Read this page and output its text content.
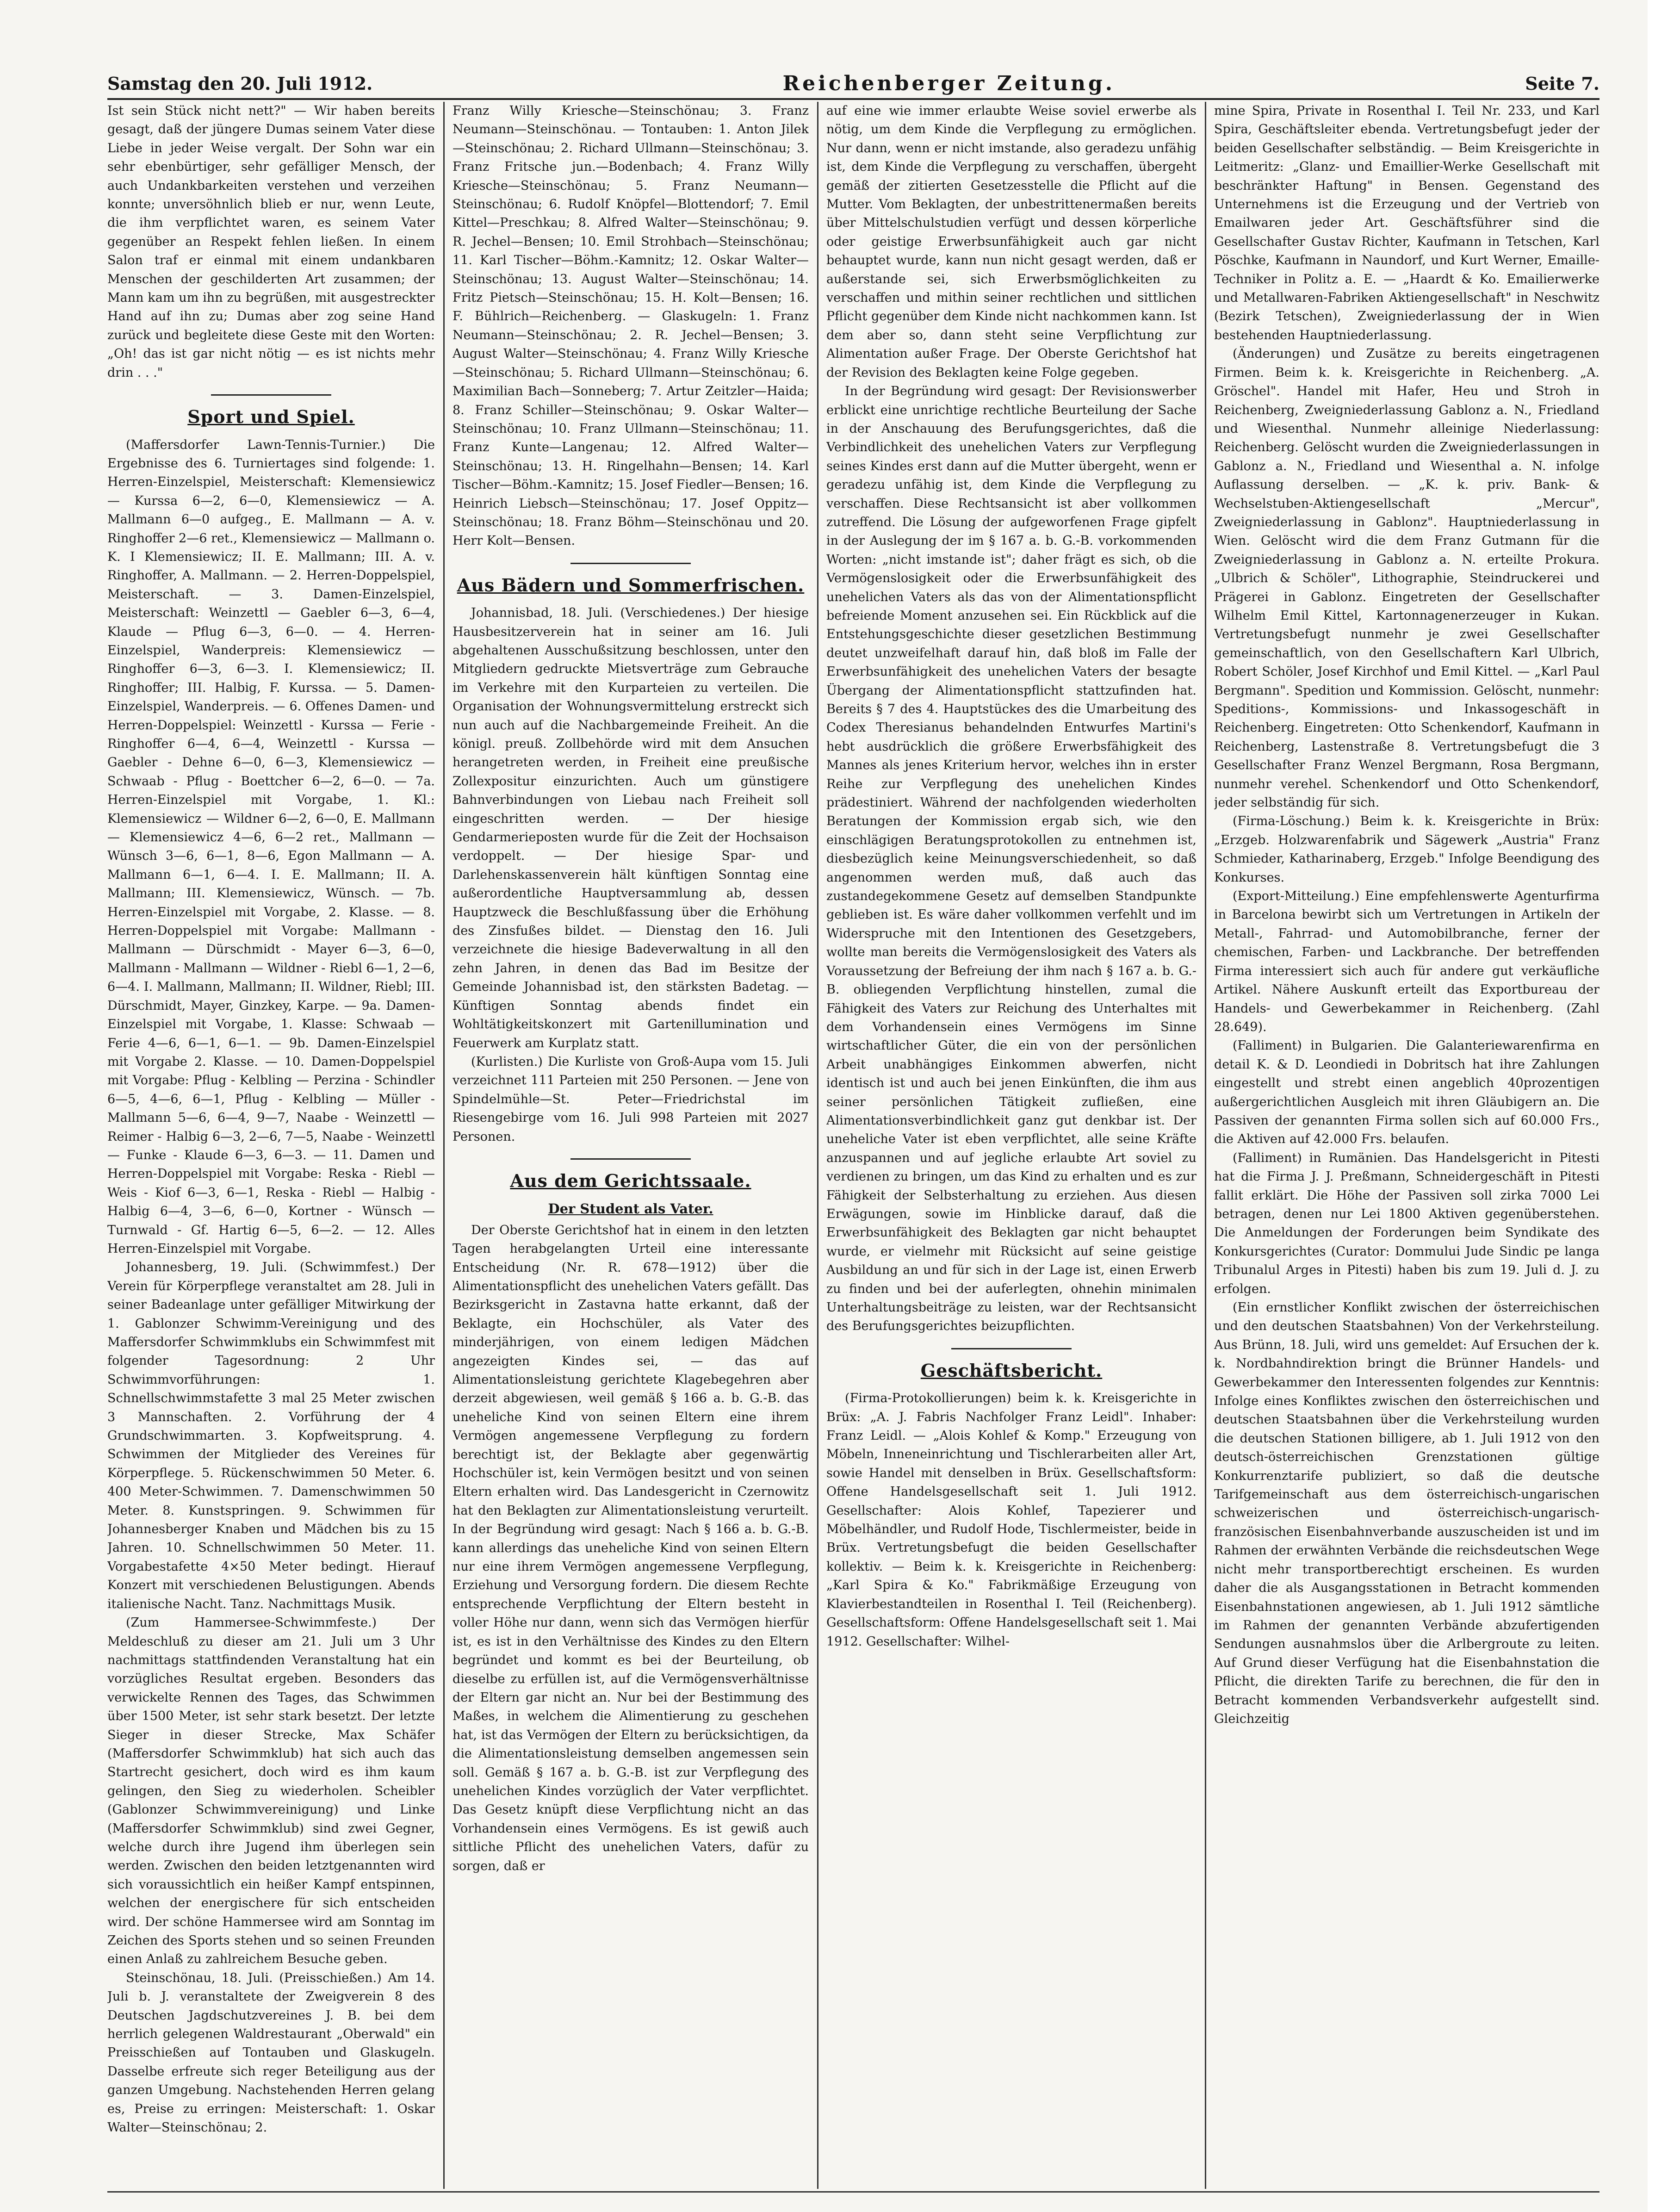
Samstag den 20. Juli 1912.	Reichenberger Zeitung.	Seite 7.

Ist sein Stück nicht nett?" — Wir haben bereits gesagt, daß der jüngere Dumas seinem Vater diese Liebe in jeder Weise vergalt. Der Sohn war ein sehr ebenbürtiger, sehr gefälliger Mensch, der auch Undankbarkeiten verstehen und verzeihen konnte; unversöhnlich blieb er nur, wenn Leute, die ihm verpflichtet waren, es seinem Vater gegenüber an Respekt fehlen ließen. In einem Salon traf er einmal mit einem undankbaren Menschen der geschilderten Art zusammen; der Mann kam um ihn zu begrüßen, mit ausgestreckter Hand auf ihn zu; Dumas aber zog seine Hand zurück und begleitete diese Geste mit den Worten: „Oh! das ist gar nicht nötig — es ist nichts mehr drin . . ."

Sport und Spiel.

(Maffersdorfer Lawn-Tennis-Turnier.) Die Ergebnisse des 6. Turniertages sind folgende: 1. Herren-Einzelspiel, Meisterschaft: Klemensiewicz — Kurssa 6—2, 6—0, Klemensiewicz — A. Mallmann 6—0 aufgeg., E. Mallmann — A. v. Ringhoffer 2—6 ret., Klemensiewicz — Mallmann o. K. I Klemensiewicz; II. E. Mallmann; III. A. v. Ringhoffer, A. Mallmann. — 2. Herren-Doppelspiel, Meisterschaft. — 3. Damen-Einzelspiel, Meisterschaft: Weinzettl — Gaebler 6—3, 6—4, Klaude — Pflug 6—3, 6—0. — 4. Herren-Einzelspiel, Wanderpreis: Klemensiewicz — Ringhoffer 6—3, 6—3. I. Klemensiewicz; II. Ringhoffer; III. Halbig, F. Kurssa. — 5. Damen-Einzelspiel, Wanderpreis. — 6. Offenes Damen- und Herren-Doppelspiel: Weinzettl - Kurssa — Ferie - Ringhoffer 6—4, 6—4, Weinzettl - Kurssa — Gaebler - Dehne 6—0, 6—3, Klemensiewicz — Schwaab - Pflug - Boettcher 6—2, 6—0. — 7a. Herren-Einzelspiel mit Vorgabe, 1. Kl.: Klemensiewicz — Wildner 6—2, 6—0, E. Mallmann — Klemensiewicz 4—6, 6—2 ret., Mallmann — Wünsch 3—6, 6—1, 8—6, Egon Mallmann — A. Mallmann 6—1, 6—4. I. E. Mallmann; II. A. Mallmann; III. Klemensiewicz, Wünsch. — 7b. Herren-Einzelspiel mit Vorgabe, 2. Klasse. — 8. Herren-Doppelspiel mit Vorgabe: Mallmann - Mallmann — Dürschmidt - Mayer 6—3, 6—0, Mallmann - Mallmann — Wildner - Riebl 6—1, 2—6, 6—4. I. Mallmann, Mallmann; II. Wildner, Riebl; III. Dürschmidt, Mayer, Ginzkey, Karpe. — 9a. Damen-Einzelspiel mit Vorgabe, 1. Klasse: Schwaab — Ferie 4—6, 6—1, 6—1. — 9b. Damen-Einzelspiel mit Vorgabe 2. Klasse. — 10. Damen-Doppelspiel mit Vorgabe: Pflug - Kelbling — Perzina - Schindler 6—5, 4—6, 6—1, Pflug - Kelbling — Müller - Mallmann 5—6, 6—4, 9—7, Naabe - Weinzettl — Reimer - Halbig 6—3, 2—6, 7—5, Naabe - Weinzettl — Funke - Klaude 6—3, 6—3. — 11. Damen und Herren-Doppelspiel mit Vorgabe: Reska - Riebl — Weis - Kiof 6—3, 6—1, Reska - Riebl — Halbig - Halbig 6—4, 3—6, 6—0, Kortner - Wünsch — Turnwald - Gf. Hartig 6—5, 6—2. — 12. Alles Herren-Einzelspiel mit Vorgabe.

Johannesberg, 19. Juli. (Schwimmfest.) Der Verein für Körperpflege veranstaltet am 28. Juli in seiner Badeanlage unter gefälliger Mitwirkung der 1. Gablonzer Schwimm-Vereinigung und des Maffersdorfer Schwimmklubs ein Schwimmfest mit folgender Tagesordnung: 2 Uhr Schwimmvorführungen: 1. Schnellschwimmstafette 3 mal 25 Meter zwischen 3 Mannschaften. 2. Vorführung der 4 Grundschwimmarten. 3. Kopfweitsprung. 4. Schwimmen der Mitglieder des Vereines für Körperpflege. 5. Rückenschwimmen 50 Meter. 6. 400 Meter-Schwimmen. 7. Damenschwimmen 50 Meter. 8. Kunstspringen. 9. Schwimmen für Johannesberger Knaben und Mädchen bis zu 15 Jahren. 10. Schnellschwimmen 50 Meter. 11. Vorgabestafette 4×50 Meter bedingt. Hierauf Konzert mit verschiedenen Belustigungen. Abends italienische Nacht. Tanz. Nachmittags Musik.

(Zum Hammersee-Schwimmfeste.) Der Meldeschluß zu dieser am 21. Juli um 3 Uhr nachmittags stattfindenden Veranstaltung hat ein vorzügliches Resultat ergeben. Besonders das verwickelte Rennen des Tages, das Schwimmen über 1500 Meter, ist sehr stark besetzt. Der letzte Sieger in dieser Strecke, Max Schäfer (Maffersdorfer Schwimmklub) hat sich auch das Startrecht gesichert, doch wird es ihm kaum gelingen, den Sieg zu wiederholen. Scheibler (Gablonzer Schwimmvereinigung) und Linke (Maffersdorfer Schwimmklub) sind zwei Gegner, welche durch ihre Jugend ihm überlegen sein werden. Zwischen den beiden letztgenannten wird sich voraussichtlich ein heißer Kampf entspinnen, welchen der energischere für sich entscheiden wird. Der schöne Hammersee wird am Sonntag im Zeichen des Sports stehen und so seinen Freunden einen Anlaß zu zahlreichem Besuche geben.

Steinschönau, 18. Juli. (Preisschießen.) Am 14. Juli b. J. veranstaltete der Zweigverein 8 des Deutschen Jagdschutzvereines J. B. bei dem herrlich gelegenen Waldrestaurant „Oberwald" ein Preisschießen auf Tontauben und Glaskugeln. Dasselbe erfreute sich reger Beteiligung aus der ganzen Umgebung. Nachstehenden Herren gelang es, Preise zu erringen: Meisterschaft: 1. Oskar Walter—Steinschönau; 2.

Franz Willy Kriesche—Steinschönau; 3. Franz Neumann—Steinschönau. — Tontauben: 1. Anton Jilek—Steinschönau; 2. Richard Ullmann—Steinschönau; 3. Franz Fritsche jun.—Bodenbach; 4. Franz Willy Kriesche—Steinschönau; 5. Franz Neumann—Steinschönau; 6. Rudolf Knöpfel—Blottendorf; 7. Emil Kittel—Preschkau; 8. Alfred Walter—Steinschönau; 9. R. Jechel—Bensen; 10. Emil Strohbach—Steinschönau; 11. Karl Tischer—Böhm.-Kamnitz; 12. Oskar Walter—Steinschönau; 13. August Walter—Steinschönau; 14. Fritz Pietsch—Steinschönau; 15. H. Kolt—Bensen; 16. F. Bühlrich—Reichenberg. — Glaskugeln: 1. Franz Neumann—Steinschönau; 2. R. Jechel—Bensen; 3. August Walter—Steinschönau; 4. Franz Willy Kriesche—Steinschönau; 5. Richard Ullmann—Steinschönau; 6. Maximilian Bach—Sonneberg; 7. Artur Zeitzler—Haida; 8. Franz Schiller—Steinschönau; 9. Oskar Walter—Steinschönau; 10. Franz Ullmann—Steinschönau; 11. Franz Kunte—Langenau; 12. Alfred Walter—Steinschönau; 13. H. Ringelhahn—Bensen; 14. Karl Tischer—Böhm.-Kamnitz; 15. Josef Fiedler—Bensen; 16. Heinrich Liebsch—Steinschönau; 17. Josef Oppitz—Steinschönau; 18. Franz Böhm—Steinschönau und 20. Herr Kolt—Bensen.

Aus Bädern und Sommerfrischen.

Johannisbad, 18. Juli. (Verschiedenes.) Der hiesige Hausbesitzerverein hat in seiner am 16. Juli abgehaltenen Ausschußsitzung beschlossen, unter den Mitgliedern gedruckte Mietsverträge zum Gebrauche im Verkehre mit den Kurparteien zu verteilen. Die Organisation der Wohnungsvermittelung erstreckt sich nun auch auf die Nachbargemeinde Freiheit. An die königl. preuß. Zollbehörde wird mit dem Ansuchen herangetreten werden, in Freiheit eine preußische Zollexpositur einzurichten. Auch um günstigere Bahnverbindungen von Liebau nach Freiheit soll eingeschritten werden. — Der hiesige Gendarmerieposten wurde für die Zeit der Hochsaison verdoppelt. — Der hiesige Spar- und Darlehenskassenverein hält künftigen Sonntag eine außerordentliche Hauptversammlung ab, dessen Hauptzweck die Beschlußfassung über die Erhöhung des Zinsfußes bildet. — Dienstag den 16. Juli verzeichnete die hiesige Badeverwaltung in all den zehn Jahren, in denen das Bad im Besitze der Gemeinde Johannisbad ist, den stärksten Badetag. — Künftigen Sonntag abends findet ein Wohltätigkeitskonzert mit Gartenillumination und Feuerwerk am Kurplatz statt.

(Kurlisten.) Die Kurliste von Groß-Aupa vom 15. Juli verzeichnet 111 Parteien mit 250 Personen. — Jene von Spindelmühle—St. Peter—Friedrichstal im Riesengebirge vom 16. Juli 998 Parteien mit 2027 Personen.

Aus dem Gerichtssaale.
Der Student als Vater.

Der Oberste Gerichtshof hat in einem in den letzten Tagen herabgelangten Urteil eine interessante Entscheidung (Nr. R. 678—1912) über die Alimentationspflicht des unehelichen Vaters gefällt. Das Bezirksgericht in Zastavna hatte erkannt, daß der Beklagte, ein Hochschüler, als Vater des minderjährigen, von einem ledigen Mädchen angezeigten Kindes sei, — das auf Alimentationsleistung gerichtete Klagebegehren aber derzeit abgewiesen, weil gemäß § 166 a. b. G.-B. das uneheliche Kind von seinen Eltern eine ihrem Vermögen angemessene Verpflegung zu fordern berechtigt ist, der Beklagte aber gegenwärtig Hochschüler ist, kein Vermögen besitzt und von seinen Eltern erhalten wird. Das Landesgericht in Czernowitz hat den Beklagten zur Alimentationsleistung verurteilt. In der Begründung wird gesagt: Nach § 166 a. b. G.-B. kann allerdings das uneheliche Kind von seinen Eltern nur eine ihrem Vermögen angemessene Verpflegung, Erziehung und Versorgung fordern. Die diesem Rechte entsprechende Verpflichtung der Eltern besteht in voller Höhe nur dann, wenn sich das Vermögen hierfür ist, es ist in den Verhältnisse des Kindes zu den Eltern begründet und kommt es bei der Beurteilung, ob dieselbe zu erfüllen ist, auf die Vermögensverhältnisse der Eltern gar nicht an. Nur bei der Bestimmung des Maßes, in welchem die Alimentierung zu geschehen hat, ist das Vermögen der Eltern zu berücksichtigen, da die Alimentationsleistung demselben angemessen sein soll. Gemäß § 167 a. b. G.-B. ist zur Verpflegung des unehelichen Kindes vorzüglich der Vater verpflichtet. Das Gesetz knüpft diese Verpflichtung nicht an das Vorhandensein eines Vermögens. Es ist gewiß auch sittliche Pflicht des unehelichen Vaters, dafür zu sorgen, daß er

auf eine wie immer erlaubte Weise soviel erwerbe als nötig, um dem Kinde die Verpflegung zu ermöglichen. Nur dann, wenn er nicht imstande, also geradezu unfähig ist, dem Kinde die Verpflegung zu verschaffen, übergeht gemäß der zitierten Gesetzesstelle die Pflicht auf die Mutter. Vom Beklagten, der unbestrittenermaßen bereits über Mittelschulstudien verfügt und dessen körperliche oder geistige Erwerbsunfähigkeit auch gar nicht behauptet wurde, kann nun nicht gesagt werden, daß er außerstande sei, sich Erwerbsmöglichkeiten zu verschaffen und mithin seiner rechtlichen und sittlichen Pflicht gegenüber dem Kinde nicht nachkommen kann. Ist dem aber so, dann steht seine Verpflichtung zur Alimentation außer Frage. Der Oberste Gerichtshof hat der Revision des Beklagten keine Folge gegeben.

In der Begründung wird gesagt: Der Revisionswerber erblickt eine unrichtige rechtliche Beurteilung der Sache in der Anschauung des Berufungsgerichtes, daß die Verbindlichkeit des unehelichen Vaters zur Verpflegung seines Kindes erst dann auf die Mutter übergeht, wenn er geradezu unfähig ist, dem Kinde die Verpflegung zu verschaffen. Diese Rechtsansicht ist aber vollkommen zutreffend. Die Lösung der aufgeworfenen Frage gipfelt in der Auslegung der im § 167 a. b. G.-B. vorkommenden Worten: „nicht imstande ist"; daher frägt es sich, ob die Vermögenslosigkeit oder die Erwerbsunfähigkeit des unehelichen Vaters als das von der Alimentationspflicht befreiende Moment anzusehen sei. Ein Rückblick auf die Entstehungsgeschichte dieser gesetzlichen Bestimmung deutet unzweifelhaft darauf hin, daß bloß im Falle der Erwerbsunfähigkeit des unehelichen Vaters der besagte Übergang der Alimentationspflicht stattzufinden hat. Bereits § 7 des 4. Hauptstückes des die Umarbeitung des Codex Theresianus behandelnden Entwurfes Martini's hebt ausdrücklich die größere Erwerbsfähigkeit des Mannes als jenes Kriterium hervor, welches ihn in erster Reihe zur Verpflegung des unehelichen Kindes prädestiniert. Während der nachfolgenden wiederholten Beratungen der Kommission ergab sich, wie den einschlägigen Beratungsprotokollen zu entnehmen ist, diesbezüglich keine Meinungsverschiedenheit, so daß angenommen werden muß, daß auch das zustandegekommene Gesetz auf demselben Standpunkte geblieben ist. Es wäre daher vollkommen verfehlt und im Widerspruche mit den Intentionen des Gesetzgebers, wollte man bereits die Vermögenslosigkeit des Vaters als Voraussetzung der Befreiung der ihm nach § 167 a. b. G.-B. obliegenden Verpflichtung hinstellen, zumal die Fähigkeit des Vaters zur Reichung des Unterhaltes mit dem Vorhandensein eines Vermögens im Sinne wirtschaftlicher Güter, die ein von der persönlichen Arbeit unabhängiges Einkommen abwerfen, nicht identisch ist und auch bei jenen Einkünften, die ihm aus seiner persönlichen Tätigkeit zufließen, eine Alimentationsverbindlichkeit ganz gut denkbar ist. Der uneheliche Vater ist eben verpflichtet, alle seine Kräfte anzuspannen und auf jegliche erlaubte Art soviel zu verdienen zu bringen, um das Kind zu erhalten und es zur Fähigkeit der Selbsterhaltung zu erziehen. Aus diesen Erwägungen, sowie im Hinblicke darauf, daß die Erwerbsunfähigkeit des Beklagten gar nicht behauptet wurde, er vielmehr mit Rücksicht auf seine geistige Ausbildung an und für sich in der Lage ist, einen Erwerb zu finden und bei der auferlegten, ohnehin minimalen Unterhaltungsbeiträge zu leisten, war der Rechtsansicht des Berufungsgerichtes beizupflichten.

Geschäftsbericht.

(Firma-Protokollierungen) beim k. k. Kreisgerichte in Brüx: „A. J. Fabris Nachfolger Franz Leidl". Inhaber: Franz Leidl. — „Alois Kohlef & Komp." Erzeugung von Möbeln, Inneneinrichtung und Tischlerarbeiten aller Art, sowie Handel mit denselben in Brüx. Gesellschaftsform: Offene Handelsgesellschaft seit 1. Juli 1912. Gesellschafter: Alois Kohlef, Tapezierer und Möbelhändler, und Rudolf Hode, Tischlermeister, beide in Brüx. Vertretungsbefugt die beiden Gesellschafter kollektiv. — Beim k. k. Kreisgerichte in Reichenberg: „Karl Spira & Ko." Fabrikmäßige Erzeugung von Klavierbestandteilen in Rosenthal I. Teil (Reichenberg). Gesellschaftsform: Offene Handelsgesellschaft seit 1. Mai 1912. Gesellschafter: Wilhel-

mine Spira, Private in Rosenthal I. Teil Nr. 233, und Karl Spira, Geschäftsleiter ebenda. Vertretungsbefugt jeder der beiden Gesellschafter selbständig. — Beim Kreisgerichte in Leitmeritz: „Glanz- und Emaillier-Werke Gesellschaft mit beschränkter Haftung" in Bensen. Gegenstand des Unternehmens ist die Erzeugung und der Vertrieb von Emailwaren jeder Art. Geschäftsführer sind die Gesellschafter Gustav Richter, Kaufmann in Tetschen, Karl Pöschke, Kaufmann in Naundorf, und Kurt Werner, Emaille-Techniker in Politz a. E. — „Haardt & Ko. Emailierwerke und Metallwaren-Fabriken Aktiengesellschaft" in Neschwitz (Bezirk Tetschen), Zweigniederlassung der in Wien bestehenden Hauptniederlassung.

(Änderungen) und Zusätze zu bereits eingetragenen Firmen. Beim k. k. Kreisgerichte in Reichenberg. „A. Gröschel". Handel mit Hafer, Heu und Stroh in Reichenberg, Zweigniederlassung Gablonz a. N., Friedland und Wiesenthal. Nunmehr alleinige Niederlassung: Reichenberg. Gelöscht wurden die Zweigniederlassungen in Gablonz a. N., Friedland und Wiesenthal a. N. infolge Auflassung derselben. — „K. k. priv. Bank- & Wechselstuben-Aktiengesellschaft „Mercur", Zweigniederlassung in Gablonz". Hauptniederlassung in Wien. Gelöscht wird die dem Franz Gutmann für die Zweigniederlassung in Gablonz a. N. erteilte Prokura. „Ulbrich & Schöler", Lithographie, Steindruckerei und Prägerei in Gablonz. Eingetreten der Gesellschafter Wilhelm Emil Kittel, Kartonnagenerzeuger in Kukan. Vertretungsbefugt nunmehr je zwei Gesellschafter gemeinschaftlich, von den Gesellschaftern Karl Ulbrich, Robert Schöler, Josef Kirchhof und Emil Kittel. — „Karl Paul Bergmann". Spedition und Kommission. Gelöscht, nunmehr: Speditions-, Kommissions- und Inkassogeschäft in Reichenberg. Eingetreten: Otto Schenkendorf, Kaufmann in Reichenberg, Lastenstraße 8. Vertretungsbefugt die 3 Gesellschafter Franz Wenzel Bergmann, Rosa Bergmann, nunmehr verehel. Schenkendorf und Otto Schenkendorf, jeder selbständig für sich.

(Firma-Löschung.) Beim k. k. Kreisgerichte in Brüx: „Erzgeb. Holzwarenfabrik und Sägewerk „Austria" Franz Schmieder, Katharinaberg, Erzgeb." Infolge Beendigung des Konkurses.

(Export-Mitteilung.) Eine empfehlenswerte Agenturfirma in Barcelona bewirbt sich um Vertretungen in Artikeln der Metall-, Fahrrad- und Automobilbranche, ferner der chemischen, Farben- und Lackbranche. Der betreffenden Firma interessiert sich auch für andere gut verkäufliche Artikel. Nähere Auskunft erteilt das Exportbureau der Handels- und Gewerbekammer in Reichenberg. (Zahl 28.649).

(Falliment) in Bulgarien. Die Galanteriewarenfirma en detail K. & D. Leondiedi in Dobritsch hat ihre Zahlungen eingestellt und strebt einen angeblich 40prozentigen außergerichtlichen Ausgleich mit ihren Gläubigern an. Die Passiven der genannten Firma sollen sich auf 60.000 Frs., die Aktiven auf 42.000 Frs. belaufen.

(Falliment) in Rumänien. Das Handelsgericht in Pitesti hat die Firma J. J. Preßmann, Schneidergeschäft in Pitesti fallit erklärt. Die Höhe der Passiven soll zirka 7000 Lei betragen, denen nur Lei 1800 Aktiven gegenüberstehen. Die Anmeldungen der Forderungen beim Syndikate des Konkursgerichtes (Curator: Dommului Jude Sindic pe langa Tribunalul Arges in Pitesti) haben bis zum 19. Juli d. J. zu erfolgen.

(Ein ernstlicher Konflikt zwischen der österreichischen und den deutschen Staatsbahnen) Von der Verkehrsteilung. Aus Brünn, 18. Juli, wird uns gemeldet: Auf Ersuchen der k. k. Nordbahndirektion bringt die Brünner Handels- und Gewerbekammer den Interessenten folgendes zur Kenntnis: Infolge eines Konfliktes zwischen den österreichischen und deutschen Staatsbahnen über die Verkehrsteilung wurden die deutschen Stationen billigere, ab 1. Juli 1912 von den deutsch-österreichischen Grenzstationen gültige Konkurrenztarife publiziert, so daß die deutsche Tarifgemeinschaft aus dem österreichisch-ungarischen schweizerischen und österreichisch-ungarisch-französischen Eisenbahnverbande auszuscheiden ist und im Rahmen der erwähnten Verbände die reichsdeutschen Wege nicht mehr transportberechtigt erscheinen. Es wurden daher die als Ausgangsstationen in Betracht kommenden Eisenbahnstationen angewiesen, ab 1. Juli 1912 sämtliche im Rahmen der genannten Verbände abzufertigenden Sendungen ausnahmslos über die Arlbergroute zu leiten. Auf Grund dieser Verfügung hat die Eisenbahnstation die Pflicht, die direkten Tarife zu berechnen, die für den in Betracht kommenden Verbandsverkehr aufgestellt sind. Gleichzeitig
